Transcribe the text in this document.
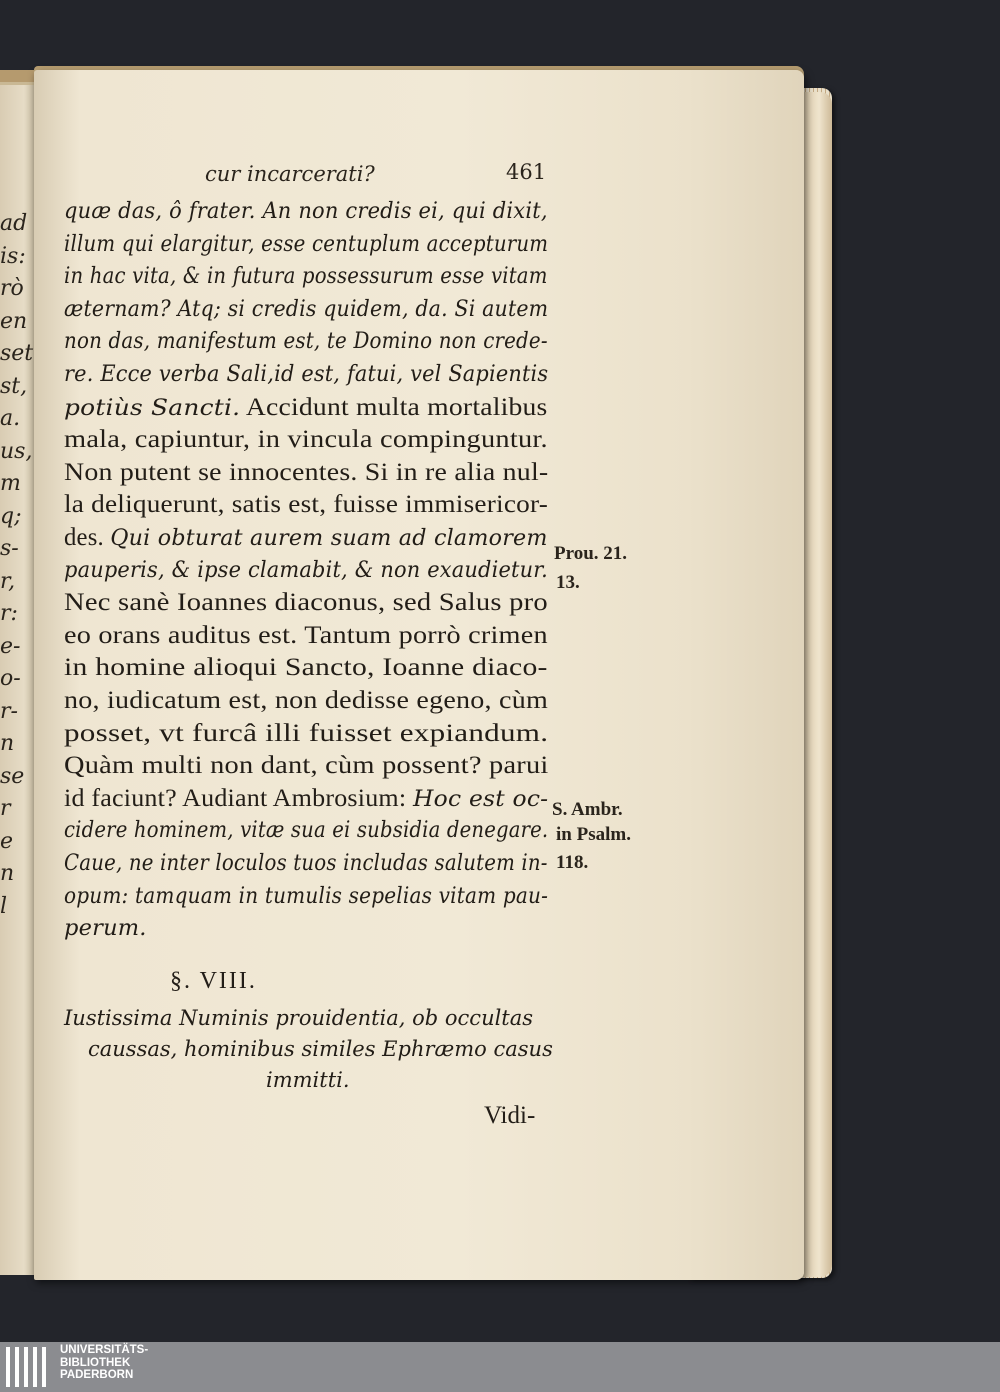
ad
is:
rò
en
set
st,
a.
us,
m
q;
s-
r,
r:
e-
o-
r-
n
se
r
e
n
l
cur incarcerati?	461
quæ das, ô frater. An non credis ei, qui dixit,
illum qui elargitur, esse centuplum accepturum
in hac vita, & in futura possessurum esse vitam
æternam? Atq; si credis quidem, da. Si autem
non das, manifestum est, te Domino non crede-
re. Ecce verba Sali,id est, fatui, vel Sapientis
potiùs Sancti. Accidunt multa mortalibus
mala, capiuntur, in vincula compinguntur.
Non putent se innocentes. Si in re alia nul-
la deliquerunt, satis est, fuisse immisericor-
des. Qui obturat aurem suam ad clamorem
pauperis, & ipse clamabit, & non exaudietur.
Nec sanè Ioannes diaconus, sed Salus pro
eo orans auditus est. Tantum porrò crimen
in homine alioqui Sancto, Ioanne diaco-
no, iudicatum est, non dedisse egeno, cùm
posset, vt furcâ illi fuisset expiandum.
Quàm multi non dant, cùm possent? parui
id faciunt? Audiant Ambrosium: Hoc est oc-
cidere hominem, vitæ sua ei subsidia denegare.
Caue, ne inter loculos tuos includas salutem in-
opum: tamquam in tumulis sepelias vitam pau-
perum.
Prou. 21.
13.
S. Ambr.
in Psalm.
118.
§. VIII.
Iustissima Numinis prouidentia, ob occultas
caussas, hominibus similes Ephræmo casus
immitti.
Vidi-
UNIVERSITÄTS-
BIBLIOTHEK
PADERBORN
